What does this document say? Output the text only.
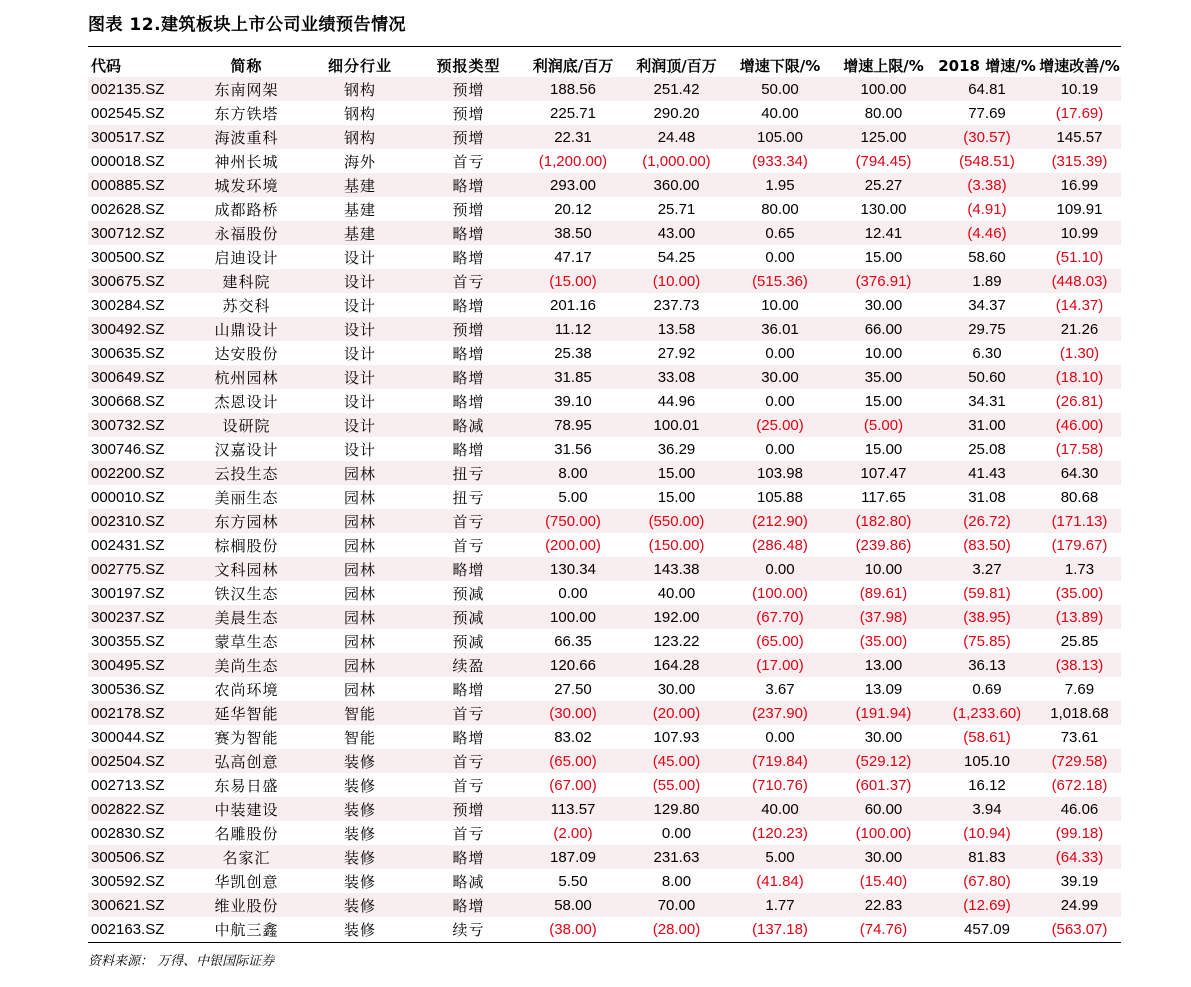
图表 12.建筑板块上市公司业绩预告情况
代码	简称	细分行业	预报类型	利润底/百万	利润顶/百万	增速下限/%	增速上限/%	2018 增速/%	增速改善/%
002135.SZ	东南网架	钢构	预增	188.56	251.42	50.00	100.00	64.81	10.19
002545.SZ	东方铁塔	钢构	预增	225.71	290.20	40.00	80.00	77.69	(17.69)
300517.SZ	海波重科	钢构	预增	22.31	24.48	105.00	125.00	(30.57)	145.57
000018.SZ	神州长城	海外	首亏	(1,200.00)	(1,000.00)	(933.34)	(794.45)	(548.51)	(315.39)
000885.SZ	城发环境	基建	略增	293.00	360.00	1.95	25.27	(3.38)	16.99
002628.SZ	成都路桥	基建	预增	20.12	25.71	80.00	130.00	(4.91)	109.91
300712.SZ	永福股份	基建	略增	38.50	43.00	0.65	12.41	(4.46)	10.99
300500.SZ	启迪设计	设计	略增	47.17	54.25	0.00	15.00	58.60	(51.10)
300675.SZ	建科院	设计	首亏	(15.00)	(10.00)	(515.36)	(376.91)	1.89	(448.03)
300284.SZ	苏交科	设计	略增	201.16	237.73	10.00	30.00	34.37	(14.37)
300492.SZ	山鼎设计	设计	预增	11.12	13.58	36.01	66.00	29.75	21.26
300635.SZ	达安股份	设计	略增	25.38	27.92	0.00	10.00	6.30	(1.30)
300649.SZ	杭州园林	设计	略增	31.85	33.08	30.00	35.00	50.60	(18.10)
300668.SZ	杰恩设计	设计	略增	39.10	44.96	0.00	15.00	34.31	(26.81)
300732.SZ	设研院	设计	略减	78.95	100.01	(25.00)	(5.00)	31.00	(46.00)
300746.SZ	汉嘉设计	设计	略增	31.56	36.29	0.00	15.00	25.08	(17.58)
002200.SZ	云投生态	园林	扭亏	8.00	15.00	103.98	107.47	41.43	64.30
000010.SZ	美丽生态	园林	扭亏	5.00	15.00	105.88	117.65	31.08	80.68
002310.SZ	东方园林	园林	首亏	(750.00)	(550.00)	(212.90)	(182.80)	(26.72)	(171.13)
002431.SZ	棕榈股份	园林	首亏	(200.00)	(150.00)	(286.48)	(239.86)	(83.50)	(179.67)
002775.SZ	文科园林	园林	略增	130.34	143.38	0.00	10.00	3.27	1.73
300197.SZ	铁汉生态	园林	预减	0.00	40.00	(100.00)	(89.61)	(59.81)	(35.00)
300237.SZ	美晨生态	园林	预减	100.00	192.00	(67.70)	(37.98)	(38.95)	(13.89)
300355.SZ	蒙草生态	园林	预减	66.35	123.22	(65.00)	(35.00)	(75.85)	25.85
300495.SZ	美尚生态	园林	续盈	120.66	164.28	(17.00)	13.00	36.13	(38.13)
300536.SZ	农尚环境	园林	略增	27.50	30.00	3.67	13.09	0.69	7.69
002178.SZ	延华智能	智能	首亏	(30.00)	(20.00)	(237.90)	(191.94)	(1,233.60)	1,018.68
300044.SZ	赛为智能	智能	略增	83.02	107.93	0.00	30.00	(58.61)	73.61
002504.SZ	弘高创意	装修	首亏	(65.00)	(45.00)	(719.84)	(529.12)	105.10	(729.58)
002713.SZ	东易日盛	装修	首亏	(67.00)	(55.00)	(710.76)	(601.37)	16.12	(672.18)
002822.SZ	中装建设	装修	预增	113.57	129.80	40.00	60.00	3.94	46.06
002830.SZ	名雕股份	装修	首亏	(2.00)	0.00	(120.23)	(100.00)	(10.94)	(99.18)
300506.SZ	名家汇	装修	略增	187.09	231.63	5.00	30.00	81.83	(64.33)
300592.SZ	华凯创意	装修	略减	5.50	8.00	(41.84)	(15.40)	(67.80)	39.19
300621.SZ	维业股份	装修	略增	58.00	70.00	1.77	22.83	(12.69)	24.99
002163.SZ	中航三鑫	装修	续亏	(38.00)	(28.00)	(137.18)	(74.76)	457.09	(563.07)
资料来源： 万得、中银国际证券
